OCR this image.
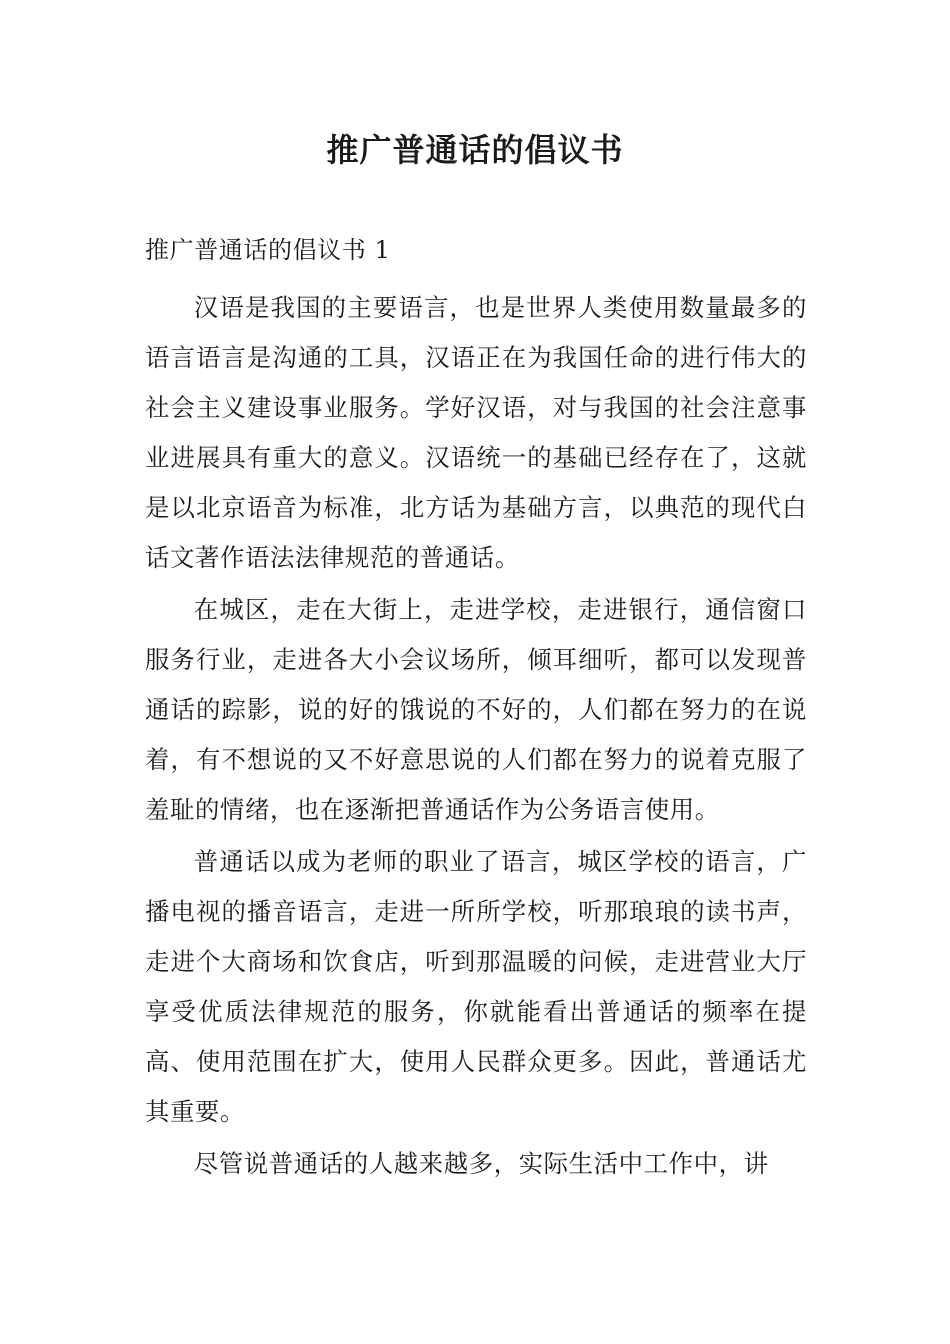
推广普通话的倡议书

推广普通话的倡议书 1

汉语是我国的主要语言，也是世界人类使用数量最多的语言语言是沟通的工具，汉语正在为我国任命的进行伟大的社会主义建设事业服务。学好汉语，对与我国的社会注意事业进展具有重大的意义。汉语统一的基础已经存在了，这就是以北京语音为标准，北方话为基础方言，以典范的现代白话文著作语法法律规范的普通话。

在城区，走在大街上，走进学校，走进银行，通信窗口服务行业，走进各大小会议场所，倾耳细听，都可以发现普通话的踪影，说的好的饿说的不好的，人们都在努力的在说着，有不想说的又不好意思说的人们都在努力的说着克服了羞耻的情绪，也在逐渐把普通话作为公务语言使用。

普通话以成为老师的职业了语言，城区学校的语言，广播电视的播音语言，走进一所所学校，听那琅琅的读书声，走进个大商场和饮食店，听到那温暖的问候，走进营业大厅享受优质法律规范的服务，你就能看出普通话的频率在提高、使用范围在扩大，使用人民群众更多。因此，普通话尤其重要。

尽管说普通话的人越来越多，实际生活中工作中，讲
